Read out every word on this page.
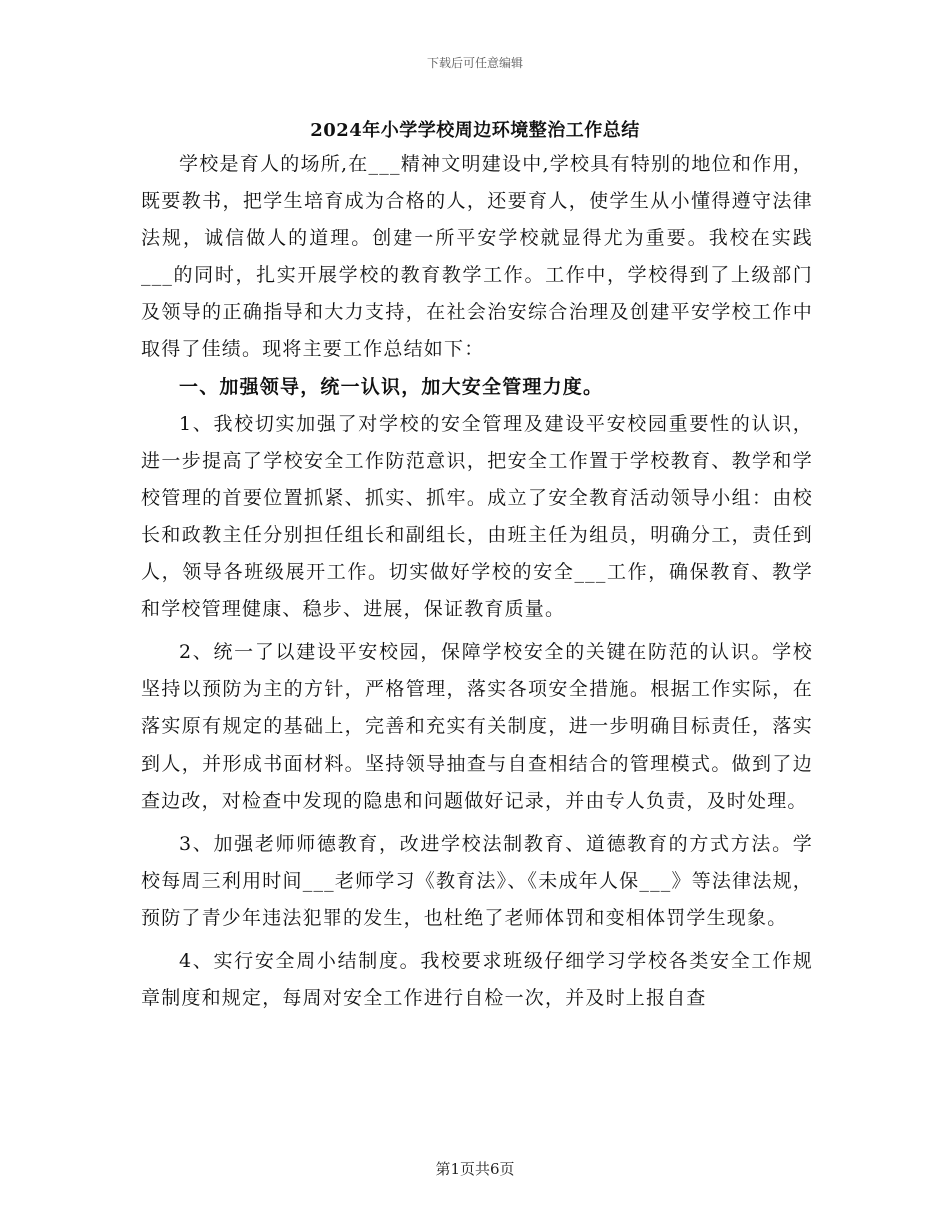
下载后可任意编辑
2024年小学学校周边环境整治工作总结

学校是育人的场所,在___精神文明建设中,学校具有特别的地位和作用，既要教书，把学生培育成为合格的人，还要育人，使学生从小懂得遵守法律法规，诚信做人的道理。创建一所平安学校就显得尤为重要。我校在实践___的同时，扎实开展学校的教育教学工作。工作中，学校得到了上级部门及领导的正确指导和大力支持，在社会治安综合治理及创建平安学校工作中取得了佳绩。现将主要工作总结如下：

一、加强领导，统一认识，加大安全管理力度。

1、我校切实加强了对学校的安全管理及建设平安校园重要性的认识，进一步提高了学校安全工作防范意识，把安全工作置于学校教育、教学和学校管理的首要位置抓紧、抓实、抓牢。成立了安全教育活动领导小组：由校长和政教主任分别担任组长和副组长，由班主任为组员，明确分工，责任到人，领导各班级展开工作。切实做好学校的安全___工作，确保教育、教学和学校管理健康、稳步、进展，保证教育质量。

2、统一了以建设平安校园，保障学校安全的关键在防范的认识。学校坚持以预防为主的方针，严格管理，落实各项安全措施。根据工作实际，在落实原有规定的基础上，完善和充实有关制度，进一步明确目标责任，落实到人，并形成书面材料。坚持领导抽查与自查相结合的管理模式。做到了边查边改，对检查中发现的隐患和问题做好记录，并由专人负责，及时处理。

3、加强老师师德教育，改进学校法制教育、道德教育的方式方法。学校每周三利用时间___老师学习《教育法》、《未成年人保___》等法律法规，预防了青少年违法犯罪的发生，也杜绝了老师体罚和变相体罚学生现象。

4、实行安全周小结制度。我校要求班级仔细学习学校各类安全工作规章制度和规定，每周对安全工作进行自检一次，并及时上报自查

第1页共6页
